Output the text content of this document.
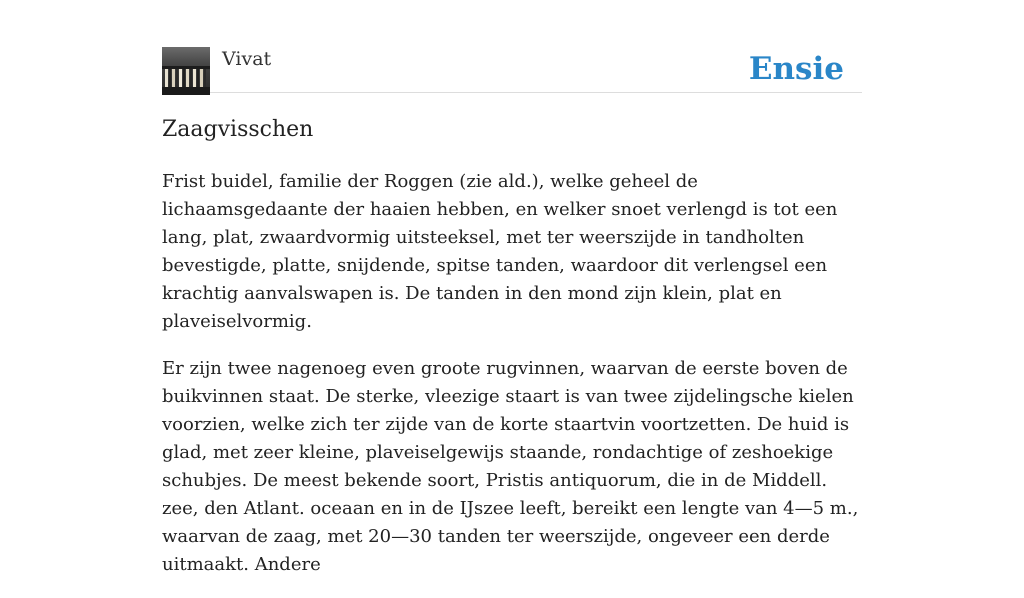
Vivat	Ensie
Zaagvisschen

Frist buidel, familie der Roggen (zie ald.), welke geheel de lichaamsgedaante der haaien hebben, en welker snoet verlengd is tot een lang, plat, zwaardvormig uitsteeksel, met ter weerszijde in tandholten bevestigde, platte, snijdende, spitse tanden, waardoor dit verlengsel een krachtig aanvalswapen is. De tanden in den mond zijn klein, plat en plaveiselvormig.

Er zijn twee nagenoeg even groote rugvinnen, waarvan de eerste boven de buikvinnen staat. De sterke, vleezige staart is van twee zijdelingsche kielen voorzien, welke zich ter zijde van de korte staartvin voortzetten. De huid is glad, met zeer kleine, plaveiselgewijs staande, rondachtige of zeshoekige schubjes. De meest bekende soort, Pristis antiquorum, die in de Middell. zee, den Atlant. oceaan en in de IJszee leeft, bereikt een lengte van 4—5 m., waarvan de zaag, met 20—30 tanden ter weerszijde, ongeveer een derde uitmaakt. Andere
